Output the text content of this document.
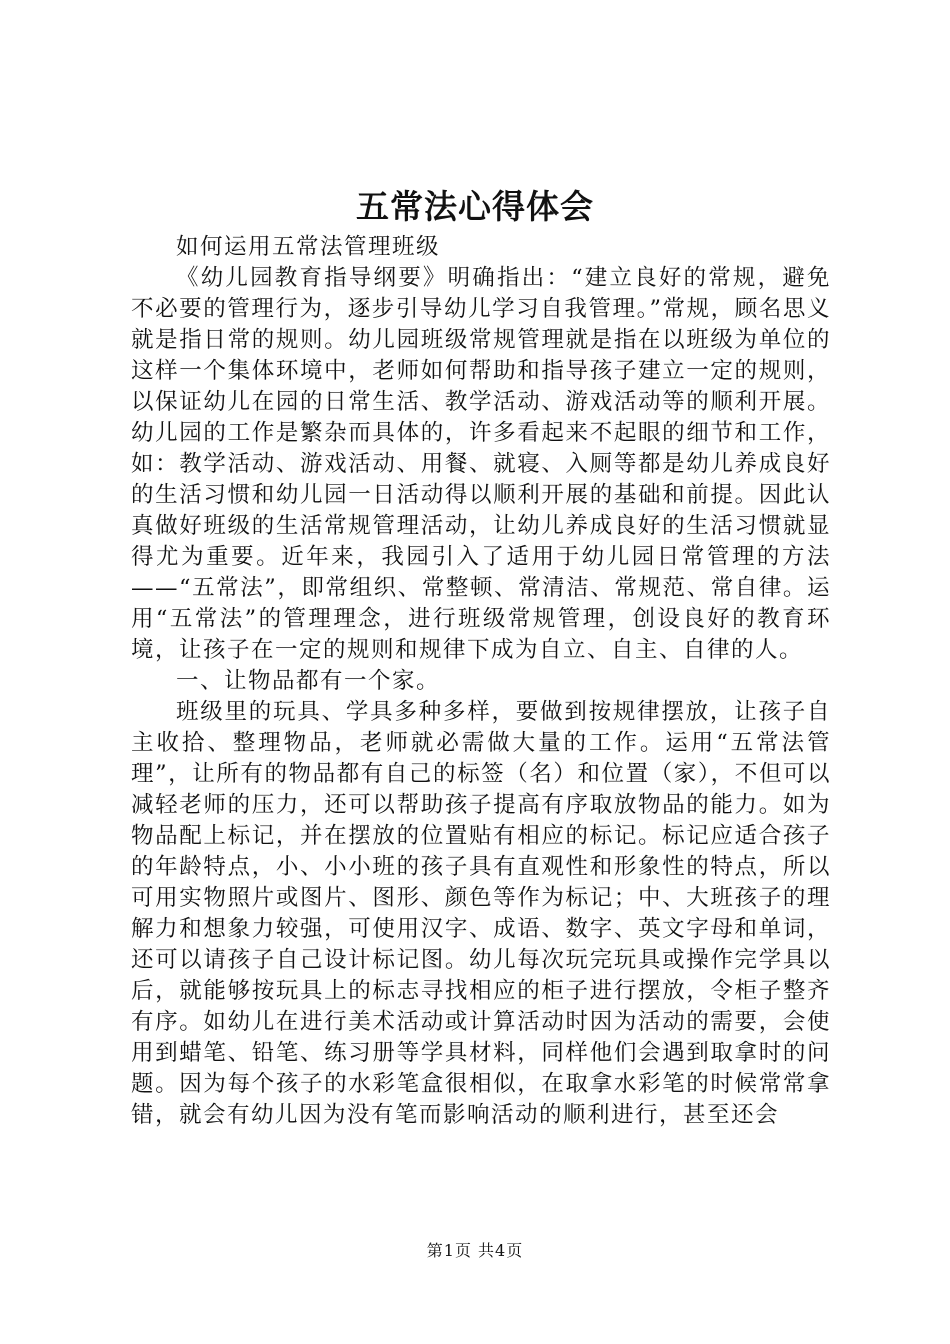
五常法心得体会

如何运用五常法管理班级

《幼儿园教育指导纲要》明确指出：“建立良好的常规，避免不必要的管理行为，逐步引导幼儿学习自我管理。”常规，顾名思义就是指日常的规则。幼儿园班级常规管理就是指在以班级为单位的这样一个集体环境中，老师如何帮助和指导孩子建立一定的规则，以保证幼儿在园的日常生活、教学活动、游戏活动等的顺利开展。幼儿园的工作是繁杂而具体的，许多看起来不起眼的细节和工作，如：教学活动、游戏活动、用餐、就寝、入厕等都是幼儿养成良好的生活习惯和幼儿园一日活动得以顺利开展的基础和前提。因此认真做好班级的生活常规管理活动，让幼儿养成良好的生活习惯就显得尤为重要。近年来，我园引入了适用于幼儿园日常管理的方法——“五常法”，即常组织、常整顿、常清洁、常规范、常自律。运用“五常法”的管理理念，进行班级常规管理，创设良好的教育环境，让孩子在一定的规则和规律下成为自立、自主、自律的人。

一、让物品都有一个家。

班级里的玩具、学具多种多样，要做到按规律摆放，让孩子自主收拾、整理物品，老师就必需做大量的工作。运用“五常法管理”，让所有的物品都有自己的标签（名）和位置（家），不但可以减轻老师的压力，还可以帮助孩子提高有序取放物品的能力。如为物品配上标记，并在摆放的位置贴有相应的标记。标记应适合孩子的年龄特点，小、小小班的孩子具有直观性和形象性的特点，所以可用实物照片或图片、图形、颜色等作为标记；中、大班孩子的理解力和想象力较强，可使用汉字、成语、数字、英文字母和单词，还可以请孩子自己设计标记图。幼儿每次玩完玩具或操作完学具以后，就能够按玩具上的标志寻找相应的柜子进行摆放，令柜子整齐有序。如幼儿在进行美术活动或计算活动时因为活动的需要，会使用到蜡笔、铅笔、练习册等学具材料，同样他们会遇到取拿时的问题。因为每个孩子的水彩笔盒很相似，在取拿水彩笔的时候常常拿错，就会有幼儿因为没有笔而影响活动的顺利进行，甚至还会

第1页 共4页
